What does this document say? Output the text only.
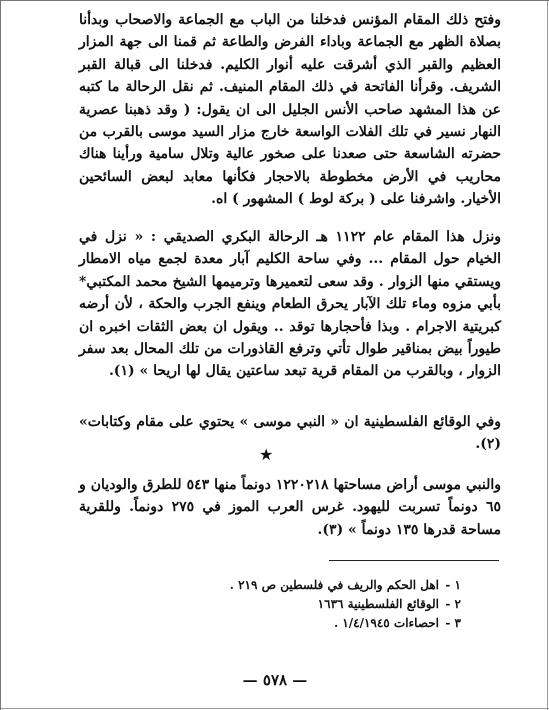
وفتح ذلك المقام المؤنس فدخلنا من الباب مع الجماعة والاصحاب وبدأنا بصلاة الظهر مع الجماعة وباداء الفرض والطاعة ثم قمنا الى جهة المزار العظيم والقبر الذي أشرقت عليه أنوار الكليم. فدخلنا الى قبالة القبر الشريف. وقرأنا الفاتحة في ذلك المقام المنيف. ثم نقل الرحالة ما كتبه عن هذا المشهد صاحب الأنس الجليل الى ان يقول: ( وقد ذهبنا عصرية النهار نسير في تلك الفلات الواسعة خارج مزار السيد موسى بالقرب من حضرته الشاسعة حتى صعدنا على صخور عالية وتلال سامية ورأينا هناك محاريب في الأرض مخطوطة بالاحجار فكأنها معابد لبعض السائحين الأخيار. واشرفنا على ( بركة لوط ) المشهور ) اه.

ونزل هذا المقام عام ١١٢٢ هـ الرحالة البكري الصديقي : « نزل في الخيام حول المقام ... وفي ساحة الكليم آبار معدة لجمع مياه الامطار ويستقي منها الزوار . وقد سعى لتعميرها وترميمها الشيخ محمد المكتبي* بأبي مزوه وماء تلك الآبار يحرق الطعام وينفع الجرب والحكة ، لأن أرضه كبريتية الاجرام . وبذا فأحجارها توقد .. ويقول ان بعض الثقات اخبره ان طيوراً بيض بمناقير طوال تأتي وترفع القاذورات من تلك المحال بعد سفر الزوار ، وبالقرب من المقام قرية تبعد ساعتين يقال لها اريحا » (١).

وفي الوقائع الفلسطينية ان « النبي موسى » يحتوي على مقام وكتابات» (٢).

★

والنبي موسى أراض مساحتها ١٢٢٠٢١٨ دونماً منها ٥٤٣ للطرق والوديان و ٦٥ دونماً تسربت لليهود. غرس العرب الموز في ٢٧٥ دونماً. وللقرية مساحة قدرها ١٣٥ دونماً » (٣).

١ -
اهل الحكم والريف في فلسطين ص ٢١٩ .
٢ -
الوقائع الفلسطينية ١٦٣٦
٣ -
احصاءات ١/٤/١٩٤٥ .
— ٥٧٨ —
